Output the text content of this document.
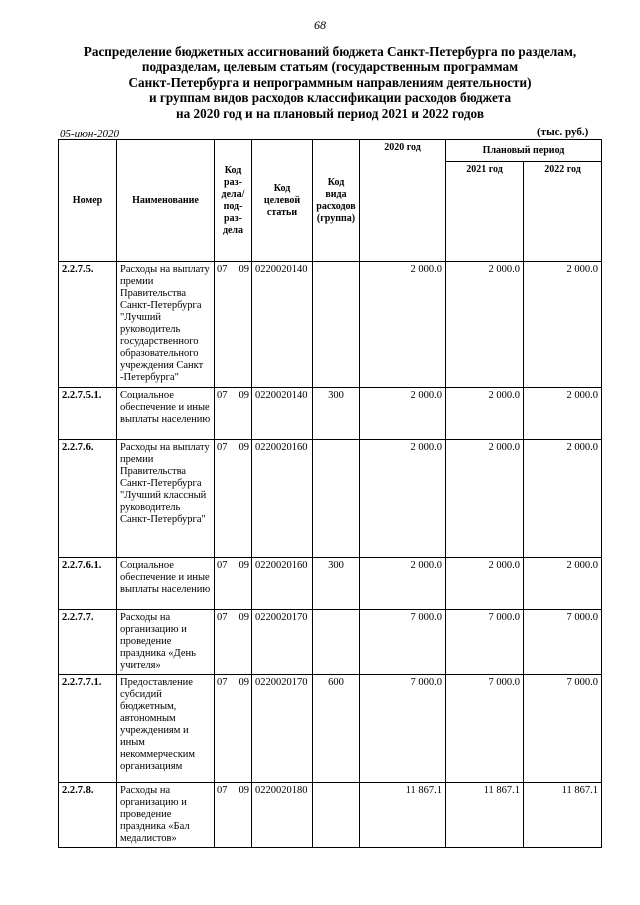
68
Распределение бюджетных ассигнований бюджета Санкт-Петербурга по разделам,
подразделам, целевым статьям (государственным программам
Санкт-Петербурга и непрограммным направлениям деятельности)
и группам видов расходов классификации расходов бюджета
на 2020 год и на плановый период 2021 и 2022 годов
05-июн-2020	(тыс. руб.)
Номер	Наименование	Код раз-дела/ под-раз-дела	Код целевой статьи	Код вида расходов (группа)	2020 год	Плановый период	
						2021 год	2022 год
2.2.7.5.	Расходы на выплату премии Правительства Санкт-Петербурга "Лучший руководитель государственного образовательного учреждения Санкт -Петербурга"	07 09	0220020140		2 000.0	2 000.0	2 000.0
2.2.7.5.1.	Социальное обеспечение и иные выплаты населению	07 09	0220020140	300	2 000.0	2 000.0	2 000.0
2.2.7.6.	Расходы на выплату премии Правительства Санкт-Петербурга "Лучший классный руководитель Санкт-Петербурга"	07 09	0220020160		2 000.0	2 000.0	2 000.0
2.2.7.6.1.	Социальное обеспечение и иные выплаты населению	07 09	0220020160	300	2 000.0	2 000.0	2 000.0
2.2.7.7.	Расходы на организацию и проведение праздника «День учителя»	07 09	0220020170		7 000.0	7 000.0	7 000.0
2.2.7.7.1.	Предоставление субсидий бюджетным, автономным учреждениям и иным некоммерческим организациям	07 09	0220020170	600	7 000.0	7 000.0	7 000.0
2.2.7.8.	Расходы на организацию и проведение праздника «Бал медалистов»	07 09	0220020180		11 867.1	11 867.1	11 867.1
